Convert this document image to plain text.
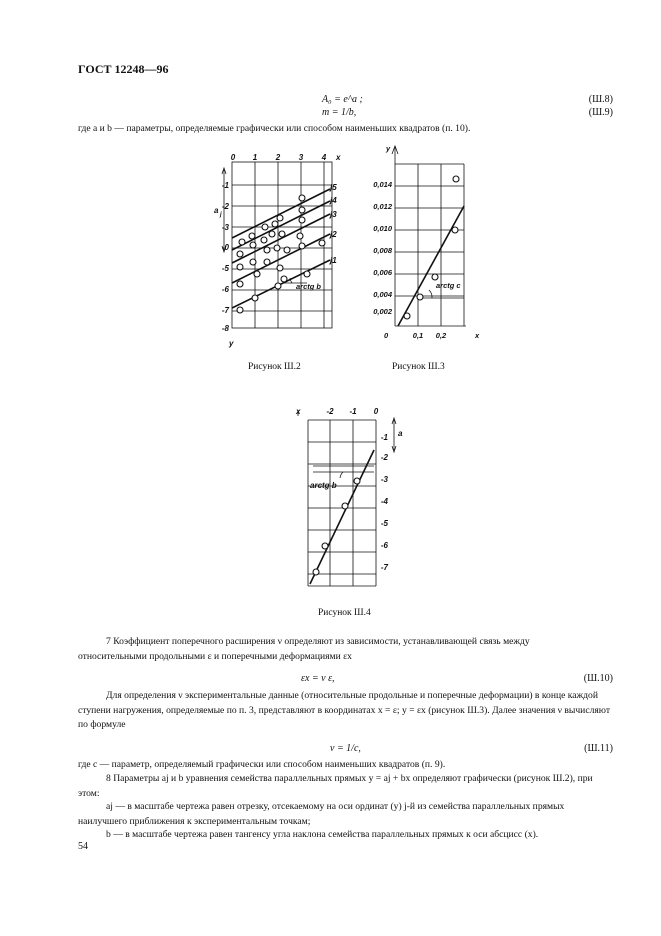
ГОСТ 12248—96
A₀ = e^a ;	(Ш.8)
m = 1/b,	(Ш.9)
где a и b — параметры, определяемые графически или способом наименьших квадратов (п. 10).
0 1 2 3 4 x
-1
-2
-3
-0
-5
-6
-7
-8
y
a j
j5
j4
j3
j2
j1
arctg b
Рисунок Ш.2
y
0,014
0,012
0,010
0,008
0,006
0,004
0,002
0	0,1 0,2	x
arctg c
Рисунок Ш.3
x	-2 -1 0
a
-1
-2
-3
-4
-5
-6
-7
arctg b
Рисунок Ш.4
7 Коэффициент поперечного расширения ν определяют из зависимости, устанавливающей связь между
относительными продольными ε и поперечными деформациями εx
εx = ν ε,	(Ш.10)
Для определения ν экспериментальные данные (относительные продольные и поперечные деформации) в конце каждой ступени нагружения, определяемые по п. 3, представляют в координатах x = ε; y = εx (рисунок Ш.3). Далее значения ν вычисляют по формуле
ν = 1/c,	(Ш.11)
где c — параметр, определяемый графически или способом наименьших квадратов (п. 9).
8 Параметры aj и b уравнения семейства параллельных прямых y = aj + bx определяют графически (рисунок Ш.2), при этом:
aj — в масштабе чертежа равен отрезку, отсекаемому на оси ординат (y) j-й из семейства параллельных прямых наилучшего приближения к экспериментальным точкам;
b — в масштабе чертежа равен тангенсу угла наклона семейства параллельных прямых к оси абсцисс (x).
54
